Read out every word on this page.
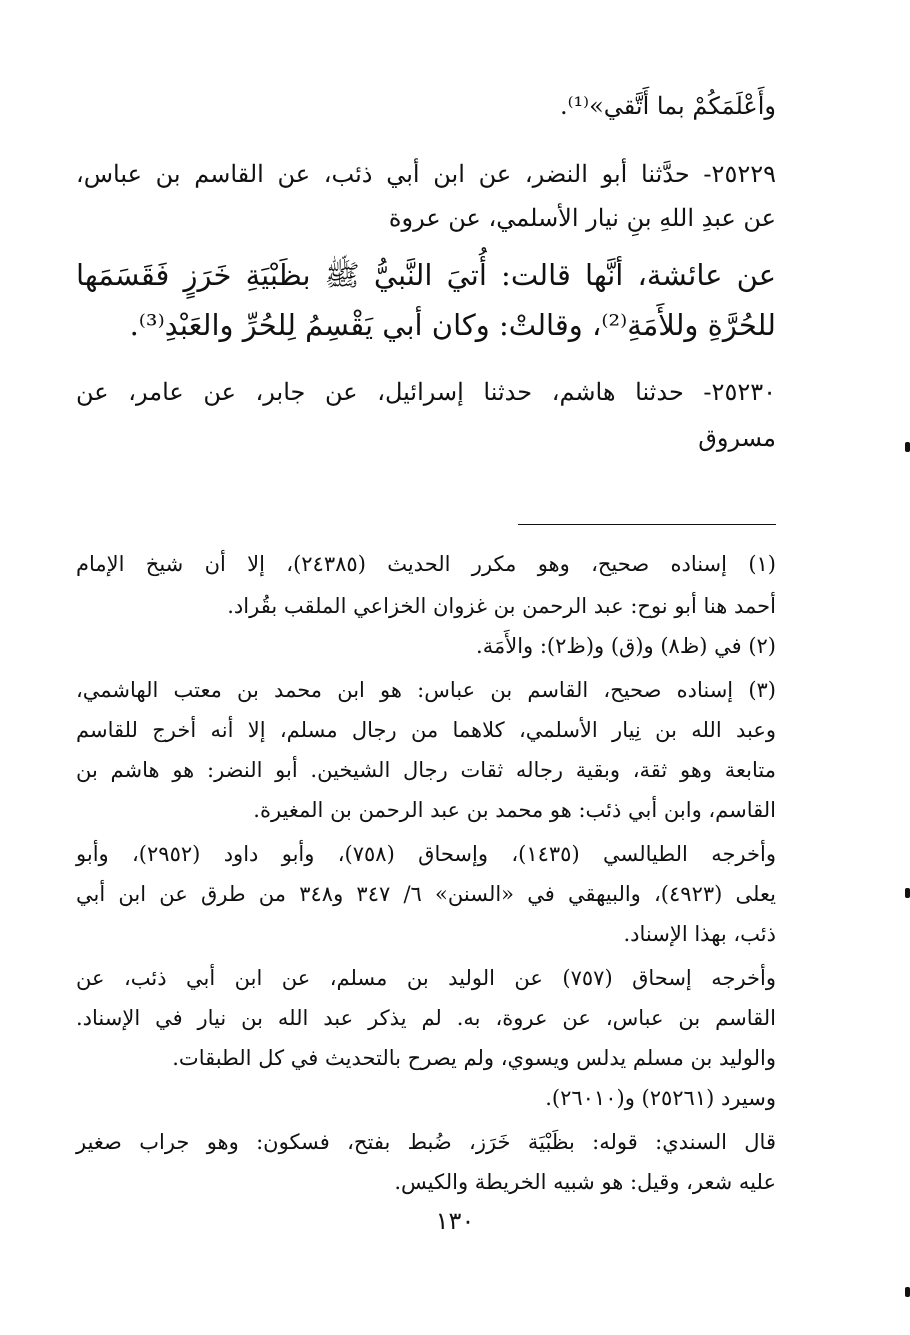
وأَعْلَمَكُمْ بما أَتَّقي»⁽¹⁾.
٢٥٢٢٩- حدَّثنا أبو النضر، عن ابن أبي ذئب، عن القاسم بن عباس،
عن عبدِ اللهِ بنِ نيار الأسلمي، عن عروة
عن عائشة، أنَّها قالت: أُتيَ النَّبيُّ ﷺ بظَبْيَةِ خَرَزٍ فَقَسَمَها
للحُرَّةِ وللأَمَةِ⁽²⁾، وقالتْ: وكان أبي يَقْسِمُ لِلحُرِّ والعَبْدِ⁽³⁾.
٢٥٢٣٠- حدثنا هاشم، حدثنا إسرائيل، عن جابر، عن عامر، عن
مسروق
(١) إسناده صحيح، وهو مكرر الحديث (٢٤٣٨٥)، إلا أن شيخ الإمام
أحمد هنا أبو نوح: عبد الرحمن بن غزوان الخزاعي الملقب بقُراد.
(٢) في (ظ٨) و(ق) و(ظ٢): والأَمَة.
(٣) إسناده صحيح، القاسم بن عباس: هو ابن محمد بن معتب الهاشمي،
وعبد الله بن نِيار الأسلمي، كلاهما من رجال مسلم، إلا أنه أخرج للقاسم
متابعة وهو ثقة، وبقية رجاله ثقات رجال الشيخين. أبو النضر: هو هاشم بن
القاسم، وابن أبي ذئب: هو محمد بن عبد الرحمن بن المغيرة.
وأخرجه الطيالسي (١٤٣٥)، وإسحاق (٧٥٨)، وأبو داود (٢٩٥٢)، وأبو
يعلى (٤٩٢٣)، والبيهقي في «السنن» ٦/ ٣٤٧ و٣٤٨ من طرق عن ابن أبي
ذئب، بهذا الإسناد.
وأخرجه إسحاق (٧٥٧) عن الوليد بن مسلم، عن ابن أبي ذئب، عن
القاسم بن عباس، عن عروة، به. لم يذكر عبد الله بن نيار في الإسناد.
والوليد بن مسلم يدلس ويسوي، ولم يصرح بالتحديث في كل الطبقات.
وسيرد (٢٥٢٦١) و(٢٦٠١٠).
قال السندي: قوله: بظَبْيَة خَرَز، ضُبط بفتح، فسكون: وهو جراب صغير
عليه شعر، وقيل: هو شبيه الخريطة والكيس.
١٣٠
